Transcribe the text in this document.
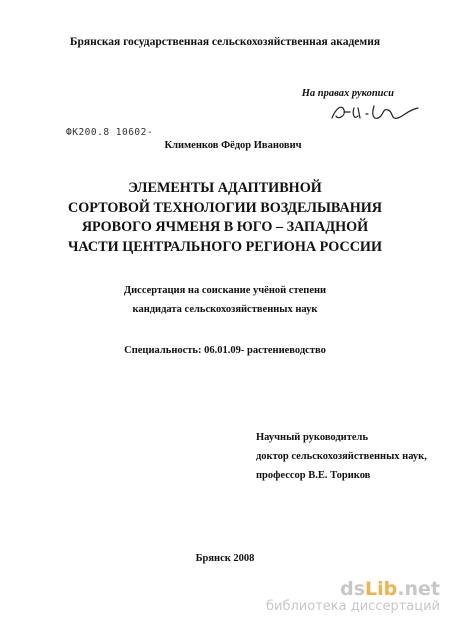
Брянская государственная сельскохозяйственная академия
На правах рукописи
ФК200.8 10602-
Клименков Фёдор Иванович
ЭЛЕМЕНТЫ АДАПТИВНОЙ
СОРТОВОЙ ТЕХНОЛОГИИ ВОЗДЕЛЫВАНИЯ
ЯРОВОГО ЯЧМЕНЯ В ЮГО – ЗАПАДНОЙ
ЧАСТИ ЦЕНТРАЛЬНОГО РЕГИОНА РОССИИ
Диссертация на соискание учёной степени
кандидата сельскохозяйственных наук
Специальность: 06.01.09- растениеводство
Научный руководитель
доктор сельскохозяйственных наук,
профессор В.Е. Ториков
Брянск 2008
dsLib.net
библиотека диссертаций
